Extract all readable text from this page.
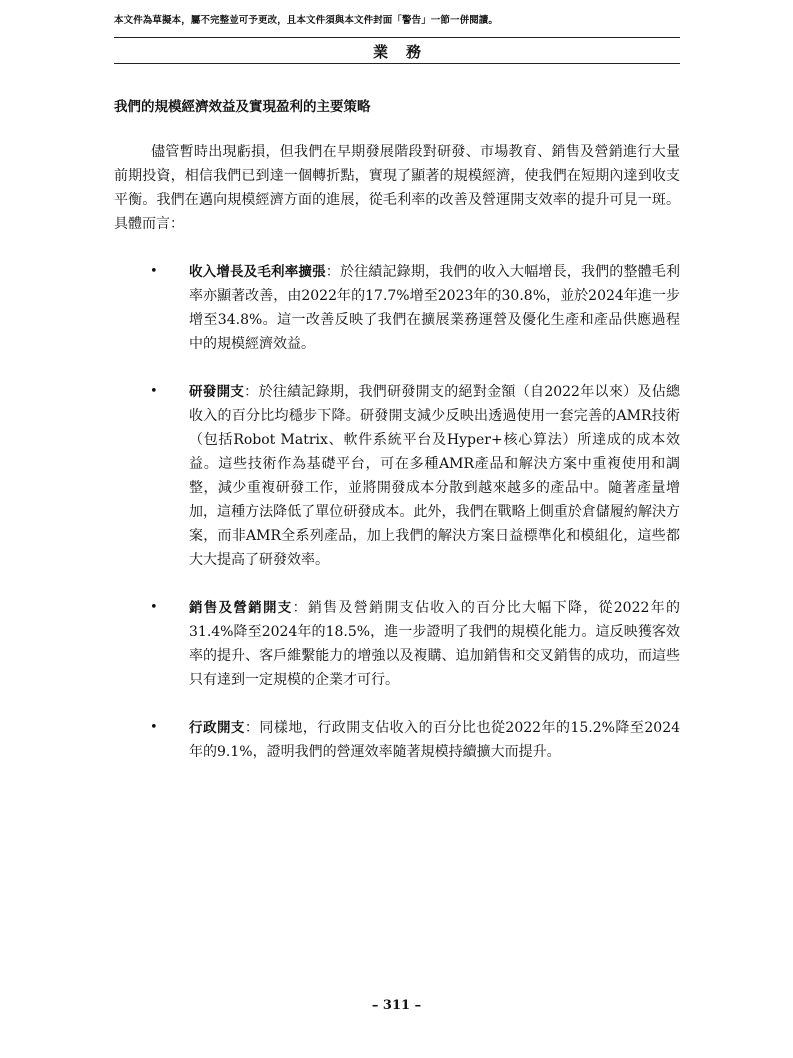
本文件為草擬本，屬不完整並可予更改，且本文件須與本文件封面「警告」一節一併閱讀。
業務
我們的規模經濟效益及實現盈利的主要策略

儘管暫時出現虧損，但我們在早期發展階段對研發、市場教育、銷售及營銷進行大量前期投資，相信我們已到達一個轉折點，實現了顯著的規模經濟，使我們在短期內達到收支平衡。我們在邁向規模經濟方面的進展，從毛利率的改善及營運開支效率的提升可見一斑。具體而言：

• 收入增長及毛利率擴張：於往績記錄期，我們的收入大幅增長，我們的整體毛利率亦顯著改善，由2022年的17.7%增至2023年的30.8%，並於2024年進一步增至34.8%。這一改善反映了我們在擴展業務運營及優化生產和產品供應過程中的規模經濟效益。
• 研發開支：於往績記錄期，我們研發開支的絕對金額（自2022年以來）及佔總收入的百分比均穩步下降。研發開支減少反映出透過使用一套完善的AMR技術（包括Robot Matrix、軟件系統平台及Hyper+核心算法）所達成的成本效益。這些技術作為基礎平台，可在多種AMR產品和解決方案中重複使用和調整，減少重複研發工作，並將開發成本分散到越來越多的產品中。隨著產量增加，這種方法降低了單位研發成本。此外，我們在戰略上側重於倉儲履約解決方案，而非AMR全系列產品，加上我們的解決方案日益標準化和模組化，這些都大大提高了研發效率。
• 銷售及營銷開支：銷售及營銷開支佔收入的百分比大幅下降，從2022年的31.4%降至2024年的18.5%，進一步證明了我們的規模化能力。這反映獲客效率的提升、客戶維繫能力的增強以及複購、追加銷售和交叉銷售的成功，而這些只有達到一定規模的企業才可行。
• 行政開支：同樣地，行政開支佔收入的百分比也從2022年的15.2%降至2024年的9.1%，證明我們的營運效率隨著規模持續擴大而提升。
– 311 –
